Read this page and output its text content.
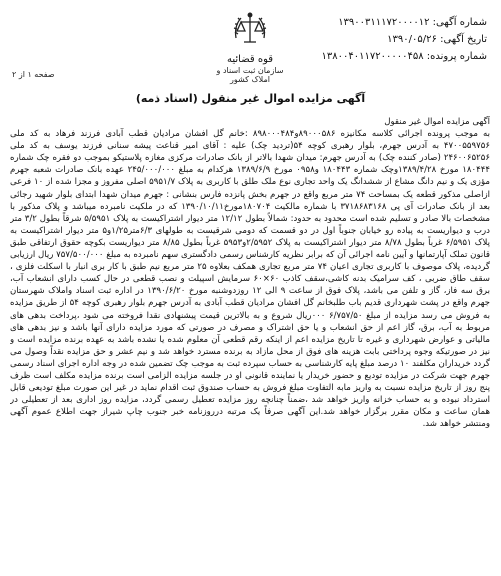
شماره آگهی: ۱۳۹۰۰۳۱۱۱۷۲۰۰۰۰۱۲
تاریخ آگهی: ۱۳۹۰/۰۵/۲۶
شماره پرونده: ۱۳۸۰۰۴۰۱۱۷۲۰۰۰۰۰۴۵۸
قوه قضائیه
سازمان ثبت اسناد و املاک کشور
صفحه ۱ از ۲
آگهی مزایده اموال غیر منقول (اسناد ذمه)
آگهی مزایده اموال غیر منقول
به موجب پرونده اجرائی کلاسه مکانیزه ۸۹۰۰۰۵۸۶و۸۹۸۰۰۰۴۸۴ :خانم گل افشان مرادیان قطب آبادی فرزند فرهاد به کد ملی ۴۷۰۰۵۵۹۷۵۶ به آدرس جهرم، بلوار رهبری کوچه ۵۴(ترديد چک) عليه : آقای امیر قناعت پیشه سنانی فرزند یوسف به کد ملی ۲۴۶۰۰۶۵۲۵۶ (صادر کننده چک) به آدرس جهرم: میدان شهدا بالاتر از بانک صادرات مرکزی مغازه پلاستیکو بموجب دو فقره چک شماره ۱۸۰۴۴۴ مورخ ۱۳۸۹/۴/۲۸وچک شماره ۱۸۰۴۴۳ و۰۹۵۸ مورخ ۱۳۸۹/۶/۹ هرکدام به مبلغ ۲۴۵/۰۰۰/۰۰۰ عهده بانک صادرات شعبه جهرم مؤزی یک و نیم دانگ مشاع از ششدانگ یک واحد تجاری نوع ملک طلق با کاربری به پلاک ۵۹۵۱/۷ اصلی مفروز و مجزا شده از ۱۰ فرعی ازاصلی مذکور قطعه یک بمساحت ۷۴ متر مربع واقع در جهرم بخش پانزده فارس بنشانی : جهرم میدان شهدا ابتدای بلوار شهید رجائی بعد از بانک صادرات آی پی ۳۷۱۸۶۸۳۱۶۸ با شماره مالکیت ۱۸۰۷۰۴مورخ۱۳۹۰/۱۰/۱۱ که در ملکیت نامبرده میباشد و پلاک مذکور با مشخصات بالا صادر و تسلیم شده است محدود به حدود: شمالاً بطول ۱۲/۱۲ متر دیوار اشتراکیست به پلاک ۵/۵۹۵۱ شرقاً بطول ۳/۲ متر درب و دیواریست به پیاده رو خیابان جنوباً اول در دو قسمت که دومی شرقیست به طولهای ۶/۳متر۱/۲۵و۵ متر دیوار اشتراکیست به پلاک ۶/۵۹۵۱ غرباً بطول ۸/۷۸ متر دیوار اشتراکیست به پلاک ۲/۵۹۵۲و۵۹۵۳ غرباً بطول ۸/۸۵ متر دیواریست بکوچه حقوق ارتفاقی طبق قانون تملک آپارتمانها و آیین نامه اجرائی آن که برابر نظریه کارشناس رسمی دادگستری سهم نامبرده به مبلغ ۷۵۷/۵۰۰/۰۰۰ ریال ارزیابی گردیده، پلاک موصوف با کاربری تجاری اعیان ۷۴ متر مربع تجاری همکف بعلاوه ۲۵ متر مربع نیم طبق با کار بری انبار با اسکلت فلزی ، سقف طاق ضربی ، کف سرامیک بدنه کاشی،سقف کاذب ۶۰×۶۰ سرمایش اسپیلت و نصب قطعی در حال کسب دارای انشعاب آب، برق سه فاز، گاز و تلفن می باشد، پلاک فوق از ساعت ۹ الی ۱۲ روزدوشنبه مورخ ۱۳۹۰/۶/۲۰ در اداره ثبت اسناد واملاک شهرستان جهرم واقع در پشت شهرداری قدیم باب طلبخانم گل افشان مرادیان قطب آبادی به آدرس جهرم بلوار رهبری کوچه ۵۴ از طریق مزایده به فروش می رسد مزایده از مبلغ ۶/۷۵۷/۵۰ ۰۰۰ریال شروع و به بالاترین قیمت پیشنهادی نقدا فروخته می شود ،پرداخت بدهی های مربوط به آب، برق، گاز اعم از حق انشعاب و یا حق اشتراک و مصرف در صورتی که مورد مزایده دارای آنها باشد و نیز بدهی های مالیاتی و عوارض شهرداری و غیره تا تاریخ مزایده اعم از اینکه رقم قطعی آن معلوم شده یا نشده باشد به عهده برنده مزایده است و نیز در صورتیکه وجوه پرداختی بابت هزینه های فوق از محل مازاد به برنده مسترد خواهد شد و نیم عشر و حق مزایده نقداً وصول می گردد خریداران مکلفند ۱۰ درصد مبلغ پایه کارشناسی به حساب سپرده ثبت به موجب چک تضمین شده در وجه اداره اجرای اسناد رسمی جهرم جهت شرکت در مزایده تودیع و حضور خریدار یا نماینده قانونی او در جلسه مزایده الزامی است برنده مزایده مکلف است ظرف پنج روز از تاریخ مزایده نسبت به واریز مابه التفاوت مبلغ فروش به حساب صندوق ثبت اقدام نماید در غیر این صورت مبلغ تودیعی قابل استرداد نبوده و به حساب خزانه واریز خواهد شد ،ضمناً چنانچه روز مزایده تعطیل رسمی گردد، مزایده روز اداری بعد از تعطیلی در همان ساعت و مکان مقرر برگزار خواهد شد.این آگهی صرفاً یک مرتبه درروزنامه خبر جنوب چاپ شیراز جهت اطلاع عموم آگهی ومنتشر خواهد شد.
